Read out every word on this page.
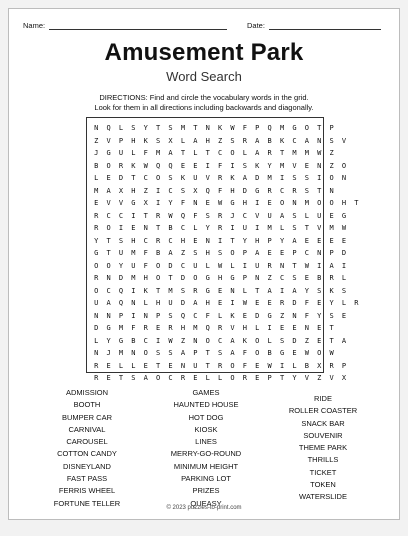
Name:	Date:
Amusement Park
Word Search
DIRECTIONS: Find and circle the vocabulary words in the grid.
Look for them in all directions including backwards and diagonally.
N	Q	L	S	Y	T	S	M	T	N	K	W	F	P	Q	M	G	O	T	P
Z	V	P	H	K	S	X	L	A	H	Z	S	R	A	B	K	C	A	N	S	V
J	G	U	L	F	M	A	T	L	T	C	O	L	A	R	T	M	M	W	Z
B	O	R	K	W	Q	Q	E	E	I	F	I	S	K	Y	M	V	E	N	Z	O
L	E	D	T	C	O	S	K	U	V	R	K	A	D	M	I	S	S	I	O	N
M	A	X	H	Z	I	C	S	X	Q	F	H	D	G	R	C	R	S	T	N
E	V	V	G	X	I	Y	F	N	E	W	G	H	I	E	O	N	M	O	O	H	T
R	C	C	I	T	R	W	Q	F	S	R	J	C	V	U	A	S	L	U	E	G
R	O	I	E	N	T	B	C	L	Y	R	I	U	I	M	L	S	T	V	M	W
Y	T	S	H	C	R	C	H	E	N	I	T	Y	H	P	Y	A	E	E	E	E
G	T	U	M	F	B	A	Z	S	H	S	O	P	A	E	E	P	C	N	P	D
O	O	Y	U	F	O	D	C	U	L	W	L	I	U	R	N	T	W	I	A	I
R	N	D	M	H	O	T	D	O	G	H	G	P	N	Z	C	S	E	B	R	L
O	C	Q	I	K	T	M	S	R	G	E	N	L	T	A	I	A	Y	S	K	S
U	A	Q	N	L	H	U	D	A	H	E	I	W	E	E	R	D	F	E	Y	L	R
N	N	P	I	N	P	S	Q	C	F	L	K	E	D	G	Z	N	F	Y	S	E
D	G	M	F	R	E	R	H	M	Q	R	V	H	L	I	E	E	N	E	T
L	Y	G	B	C	I	W	Z	N	O	C	A	K	O	L	S	D	Z	E	T	A
N	J	M	N	O	S	S	A	P	T	S	A	F	O	B	G	E	W	O	W
R	E	L	L	E	T	E	N	U	T	R	O	F	E	W	I	L	B	X	R	P
R	E	T	S	A	O	C	R	E	L	L	O	R	E	P	T	Y	V	Z	V	X
ADMISSION
BOOTH
BUMPER CAR
CARNIVAL
CAROUSEL
COTTON CANDY
DISNEYLAND
FAST PASS
FERRIS WHEEL
FORTUNE TELLER
GAMES
HAUNTED HOUSE
HOT DOG
KIOSK
LINES
MERRY-GO-ROUND
MINIMUM HEIGHT
PARKING LOT
PRIZES
QUEASY
RIDE
ROLLER COASTER
SNACK BAR
SOUVENIR
THEME PARK
THRILLS
TICKET
TOKEN
WATERSLIDE
© 2023 puzzles-to-print.com
